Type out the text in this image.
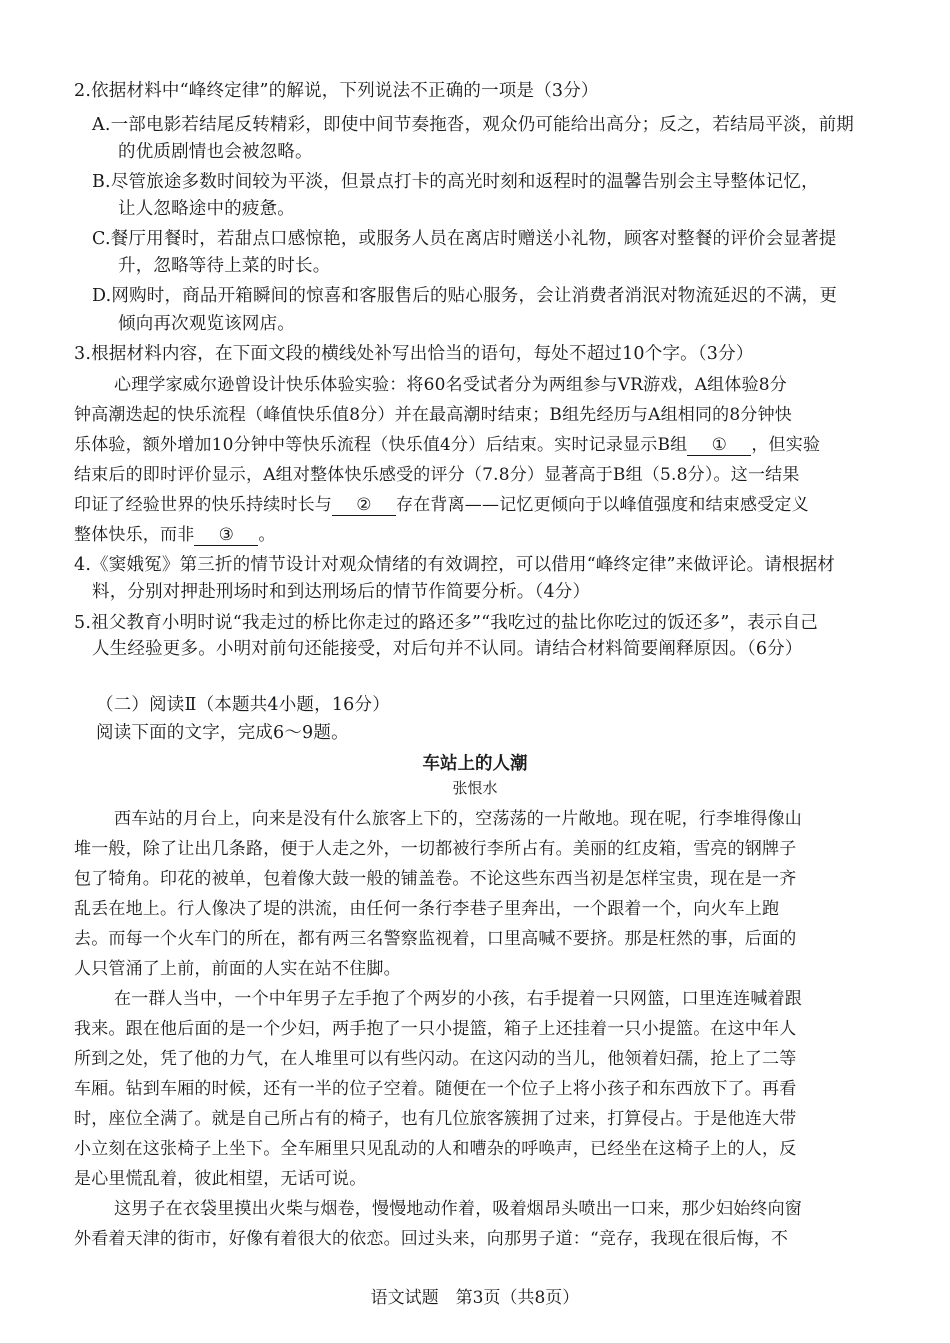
2.依据材料中“峰终定律”的解说，下列说法不正确的一项是（3分）
A.一部电影若结尾反转精彩，即使中间节奏拖沓，观众仍可能给出高分；反之，若结局平淡，前期
的优质剧情也会被忽略。
B.尽管旅途多数时间较为平淡，但景点打卡的高光时刻和返程时的温馨告别会主导整体记忆，
让人忽略途中的疲惫。
C.餐厅用餐时，若甜点口感惊艳，或服务人员在离店时赠送小礼物，顾客对整餐的评价会显著提
升，忽略等待上菜的时长。
D.网购时，商品开箱瞬间的惊喜和客服售后的贴心服务，会让消费者消泯对物流延迟的不满，更
倾向再次观览该网店。
3.根据材料内容，在下面文段的横线处补写出恰当的语句，每处不超过10个字。（3分）
心理学家威尔逊曾设计快乐体验实验：将60名受试者分为两组参与VR游戏，A组体验8分
钟高潮迭起的快乐流程（峰值快乐值8分）并在最高潮时结束；B组先经历与A组相同的8分钟快
乐体验，额外增加10分钟中等快乐流程（快乐值4分）后结束。实时记录显示B组 ① ，但实验
结束后的即时评价显示，A组对整体快乐感受的评分（7.8分）显著高于B组（5.8分）。这一结果
印证了经验世界的快乐持续时长与 ② 存在背离——记忆更倾向于以峰值强度和结束感受定义
整体快乐，而非 ③ 。
4.《窦娥冤》第三折的情节设计对观众情绪的有效调控，可以借用“峰终定律”来做评论。请根据材
料，分别对押赴刑场时和到达刑场后的情节作简要分析。（4分）
5.祖父教育小明时说“我走过的桥比你走过的路还多”“我吃过的盐比你吃过的饭还多”，表示自己
人生经验更多。小明对前句还能接受，对后句并不认同。请结合材料简要阐释原因。（6分）
（二）阅读Ⅱ（本题共4小题，16分）
阅读下面的文字，完成6～9题。
车站上的人潮
张恨水
西车站的月台上，向来是没有什么旅客上下的，空荡荡的一片敞地。现在呢，行李堆得像山
堆一般，除了让出几条路，便于人走之外，一切都被行李所占有。美丽的红皮箱，雪亮的钢牌子
包了犄角。印花的被单，包着像大鼓一般的铺盖卷。不论这些东西当初是怎样宝贵，现在是一齐
乱丢在地上。行人像决了堤的洪流，由任何一条行李巷子里奔出，一个跟着一个，向火车上跑
去。而每一个火车门的所在，都有两三名警察监视着，口里高喊不要挤。那是枉然的事，后面的
人只管涌了上前，前面的人实在站不住脚。
在一群人当中，一个中年男子左手抱了个两岁的小孩，右手提着一只网篮，口里连连喊着跟
我来。跟在他后面的是一个少妇，两手抱了一只小提篮，箱子上还挂着一只小提篮。在这中年人
所到之处，凭了他的力气，在人堆里可以有些闪动。在这闪动的当儿，他领着妇孺，抢上了二等
车厢。钻到车厢的时候，还有一半的位子空着。随便在一个位子上将小孩子和东西放下了。再看
时，座位全满了。就是自己所占有的椅子，也有几位旅客簇拥了过来，打算侵占。于是他连大带
小立刻在这张椅子上坐下。全车厢里只见乱动的人和嘈杂的呼唤声，已经坐在这椅子上的人，反
是心里慌乱着，彼此相望，无话可说。
这男子在衣袋里摸出火柴与烟卷，慢慢地动作着，吸着烟昂头喷出一口来，那少妇始终向窗
外看着天津的街市，好像有着很大的依恋。回过头来，向那男子道：“竞存，我现在很后悔，不
语文试题　第3页（共8页）
